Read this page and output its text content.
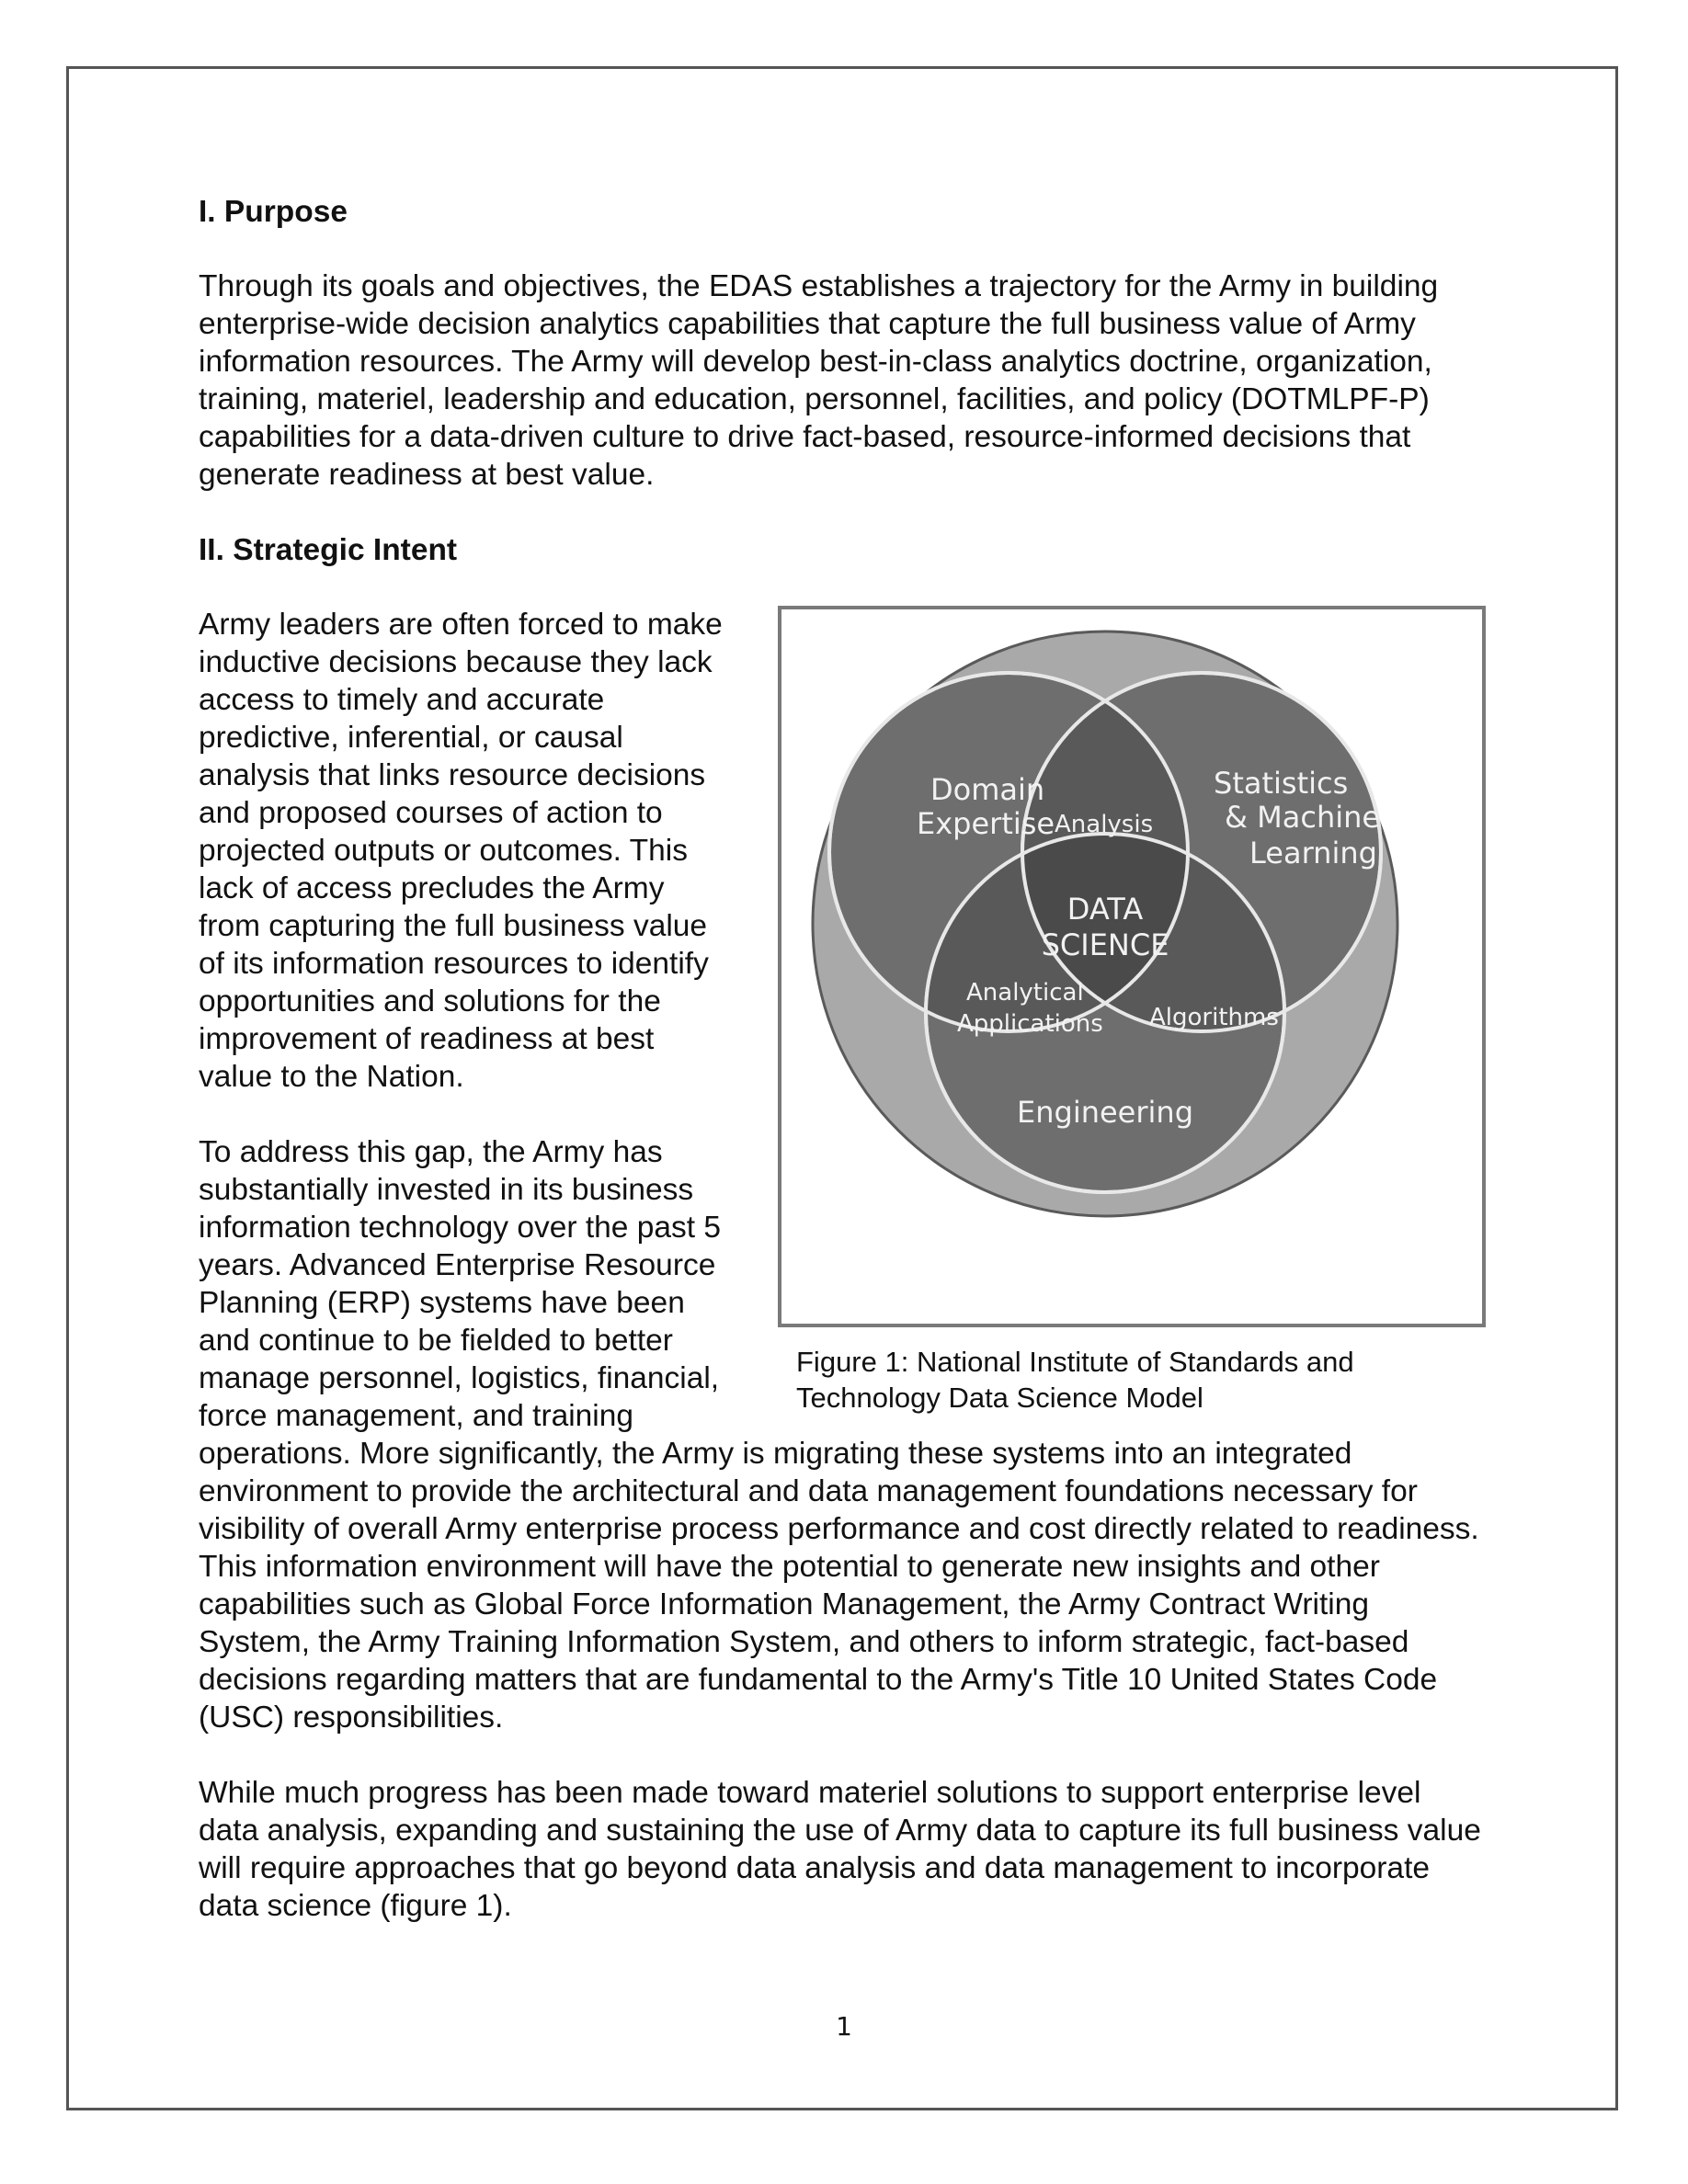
I. Purpose

Through its goals and objectives, the EDAS establishes a trajectory for the Army in building enterprise-wide decision analytics capabilities that capture the full business value of Army information resources. The Army will develop best-in-class analytics doctrine, organization, training, materiel, leadership and education, personnel, facilities, and policy (DOTMLPF-P) capabilities for a data-driven culture to drive fact-based, resource-informed decisions that generate readiness at best value.

II. Strategic Intent
Domain
Expertise
Statistics
& Machine
Learning
Analysis
DATA
SCIENCE
Analytical
Applications Algorithms
Engineering
Figure 1: National Institute of Standards and Technology Data Science Model

Army leaders are often forced to make inductive decisions because they lack access to timely and accurate predictive, inferential, or causal analysis that links resource decisions and proposed courses of action to projected outputs or outcomes. This lack of access precludes the Army from capturing the full business value of its information resources to identify opportunities and solutions for the improvement of readiness at best value to the Nation.

To address this gap, the Army has substantially invested in its business information technology over the past 5 years. Advanced Enterprise Resource Planning (ERP) systems have been and continue to be fielded to better manage personnel, logistics, financial, force management, and training operations. More significantly, the Army is migrating these systems into an integrated environment to provide the architectural and data management foundations necessary for visibility of overall Army enterprise process performance and cost directly related to readiness. This information environment will have the potential to generate new insights and other capabilities such as Global Force Information Management, the Army Contract Writing System, the Army Training Information System, and others to inform strategic, fact-based decisions regarding matters that are fundamental to the Army's Title 10 United States Code (USC) responsibilities.

While much progress has been made toward materiel solutions to support enterprise level data analysis, expanding and sustaining the use of Army data to capture its full business value will require approaches that go beyond data analysis and data management to incorporate data science (figure 1).

1
